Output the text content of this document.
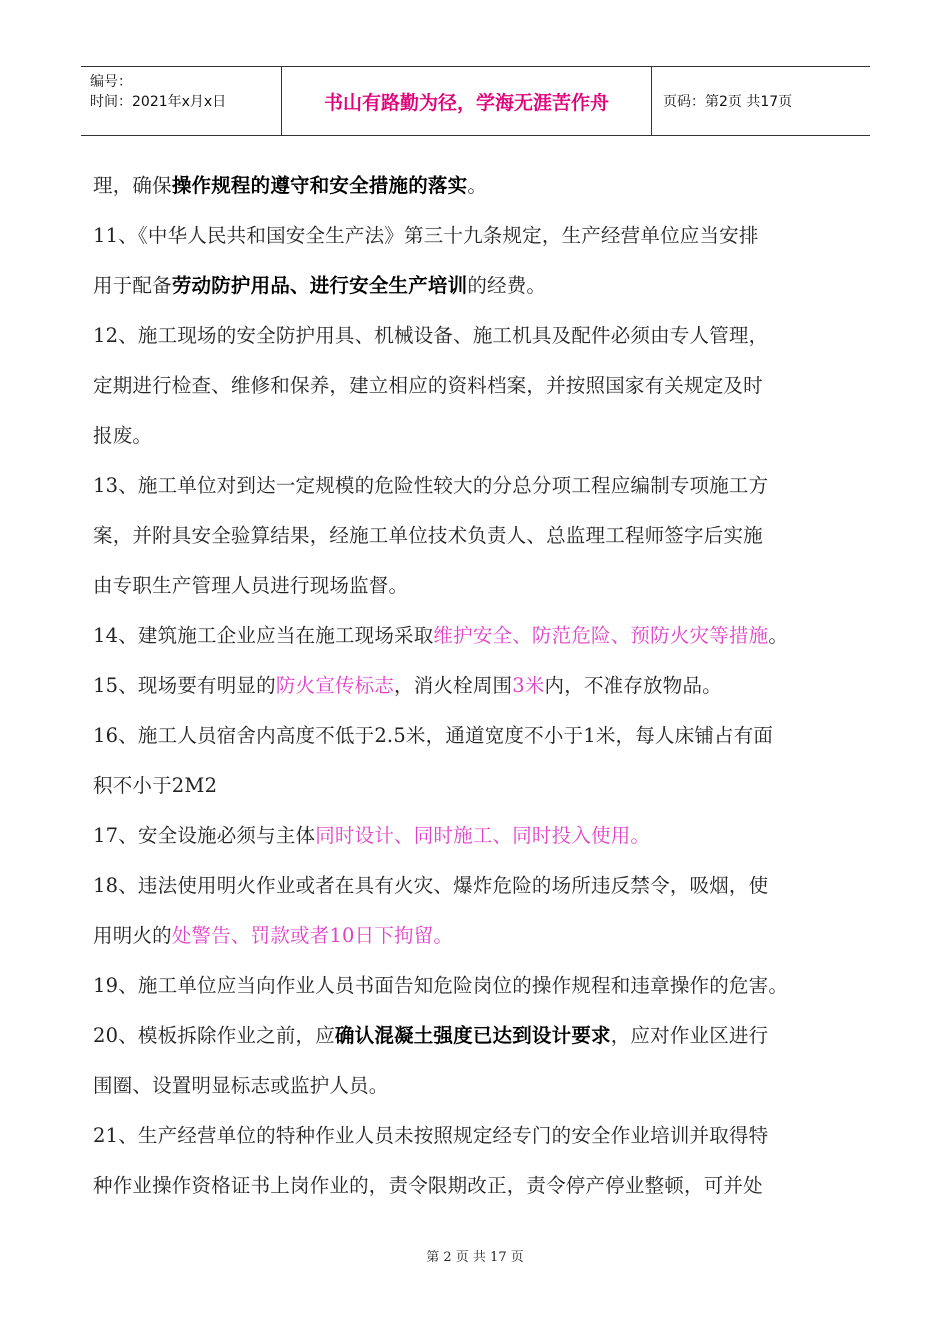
编号：
时间：2021年x月x日	书山有路勤为径，学海无涯苦作舟	页码：第2页 共17页

理，确保操作规程的遵守和安全措施的落实。

11、《中华人民共和国安全生产法》第三十九条规定，生产经营单位应当安排

用于配备劳动防护用品、进行安全生产培训的经费。

12、施工现场的安全防护用具、机械设备、施工机具及配件必须由专人管理，

定期进行检查、维修和保养，建立相应的资料档案，并按照国家有关规定及时

报废。

13、施工单位对到达一定规模的危险性较大的分总分项工程应编制专项施工方

案，并附具安全验算结果，经施工单位技术负责人、总监理工程师签字后实施

由专职生产管理人员进行现场监督。

14、建筑施工企业应当在施工现场采取维护安全、防范危险、预防火灾等措施。

15、现场要有明显的防火宣传标志，消火栓周围3米内，不准存放物品。

16、施工人员宿舍内高度不低于2.5米，通道宽度不小于1米，每人床铺占有面

积不小于2M2

17、安全设施必须与主体同时设计、同时施工、同时投入使用。

18、违法使用明火作业或者在具有火灾、爆炸危险的场所违反禁令，吸烟，使

用明火的处警告、罚款或者10日下拘留。

19、施工单位应当向作业人员书面告知危险岗位的操作规程和违章操作的危害。

20、模板拆除作业之前，应确认混凝土强度已达到设计要求，应对作业区进行

围圈、设置明显标志或监护人员。

21、生产经营单位的特种作业人员未按照规定经专门的安全作业培训并取得特

种作业操作资格证书上岗作业的，责令限期改正，责令停产停业整顿，可并处

第 2 页 共 17 页
